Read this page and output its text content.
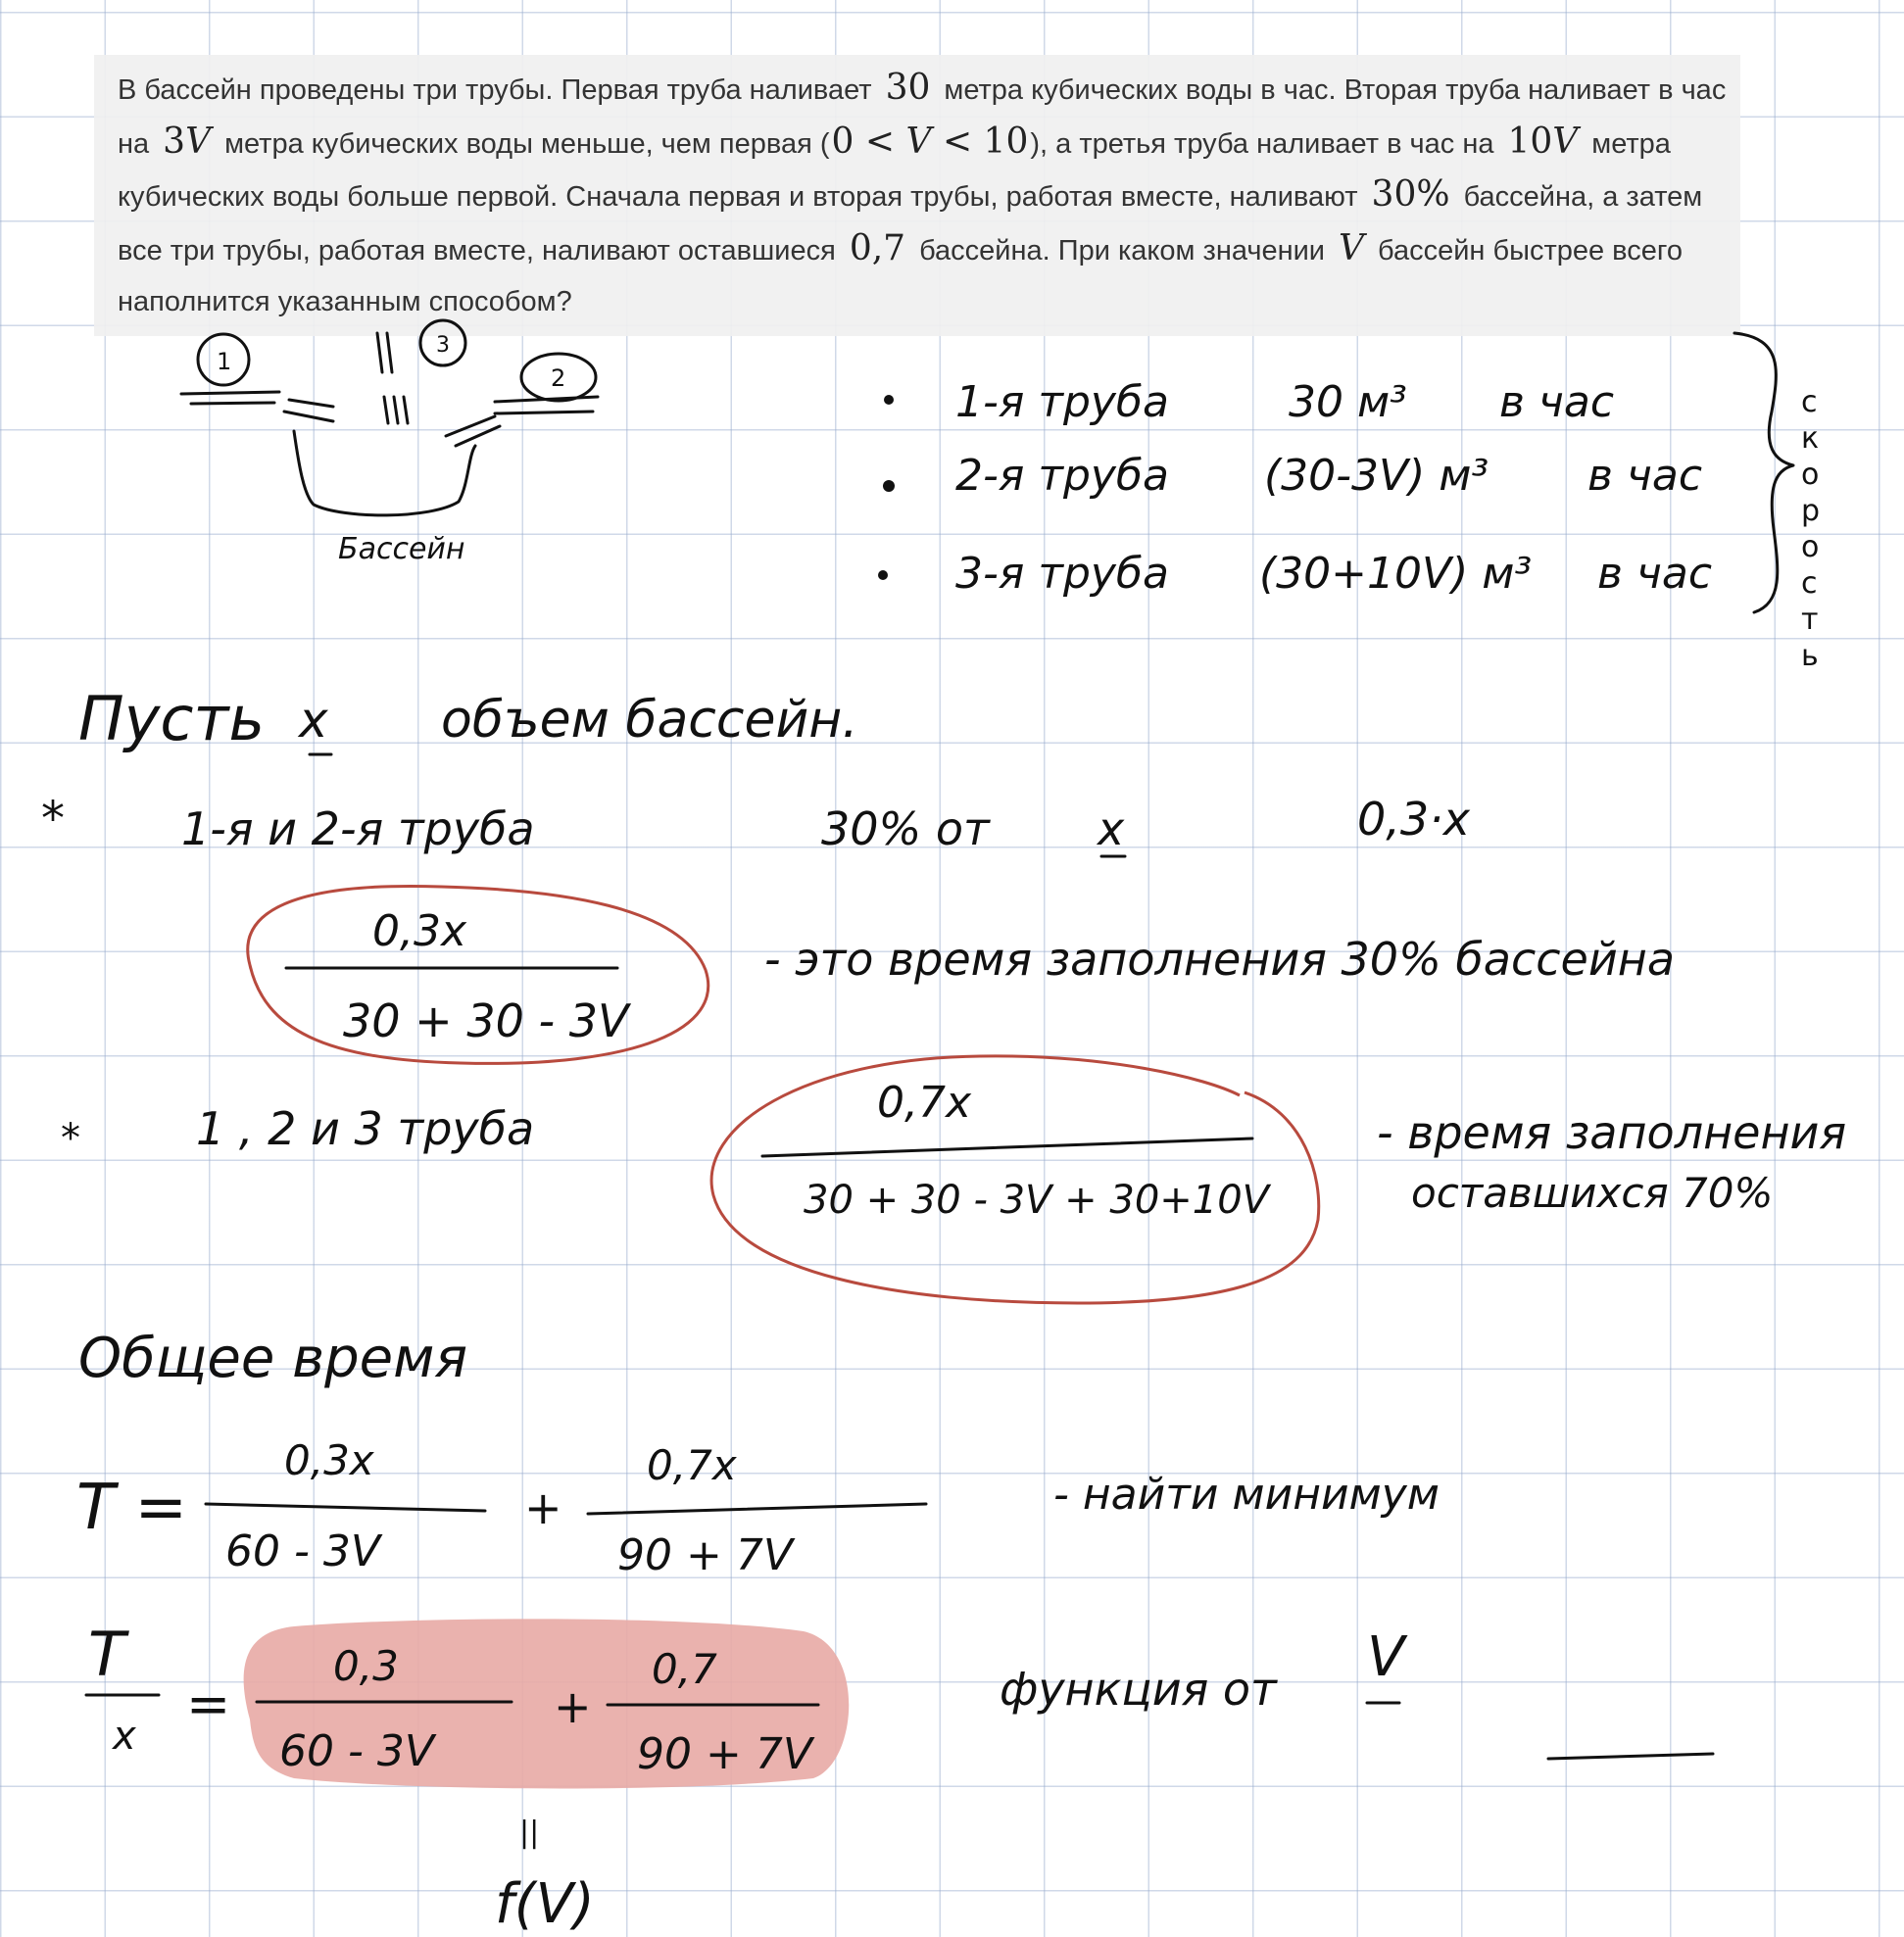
В бассейн проведены три трубы. Первая труба наливает 30 метра кубических воды в час. Вторая труба наливает в час на 3V метра кубических воды меньше, чем первая (0 < V < 10), а третья труба наливает в час на 10V метра кубических воды больше первой. Сначала первая и вторая трубы, работая вместе, наливают 30% бассейна, а затем все три трубы, работая вместе, наливают оставшиеся 0,7 бассейна. При каком значении V бассейн быстрее всего наполнится указанным способом?

1
3
2
Бассейн
1-я труба	30 м³ в час
2-я труба (30-3V) м³ в час
3-я труба (30+10V) м³ в час
с
к
о
р
о
с
т
ь
Пусть x объем бассейн.
*	1-я и 2-я труба	30% от x	0,3·x
0,3x
30 + 30 - 3V
- это время заполнения 30% бассейна
*	1 , 2 и 3 труба	0,7x
30 + 30 - 3V + 30+10V
- время заполнения
оставшихся 70%
Общее время
T =
0,3x
60 - 3V
+
0,7x
90 + 7V
- найти минимум
T
x
=
0,3
60 - 3V
+
0,7
90 + 7V
функция от V
||
f(V)
